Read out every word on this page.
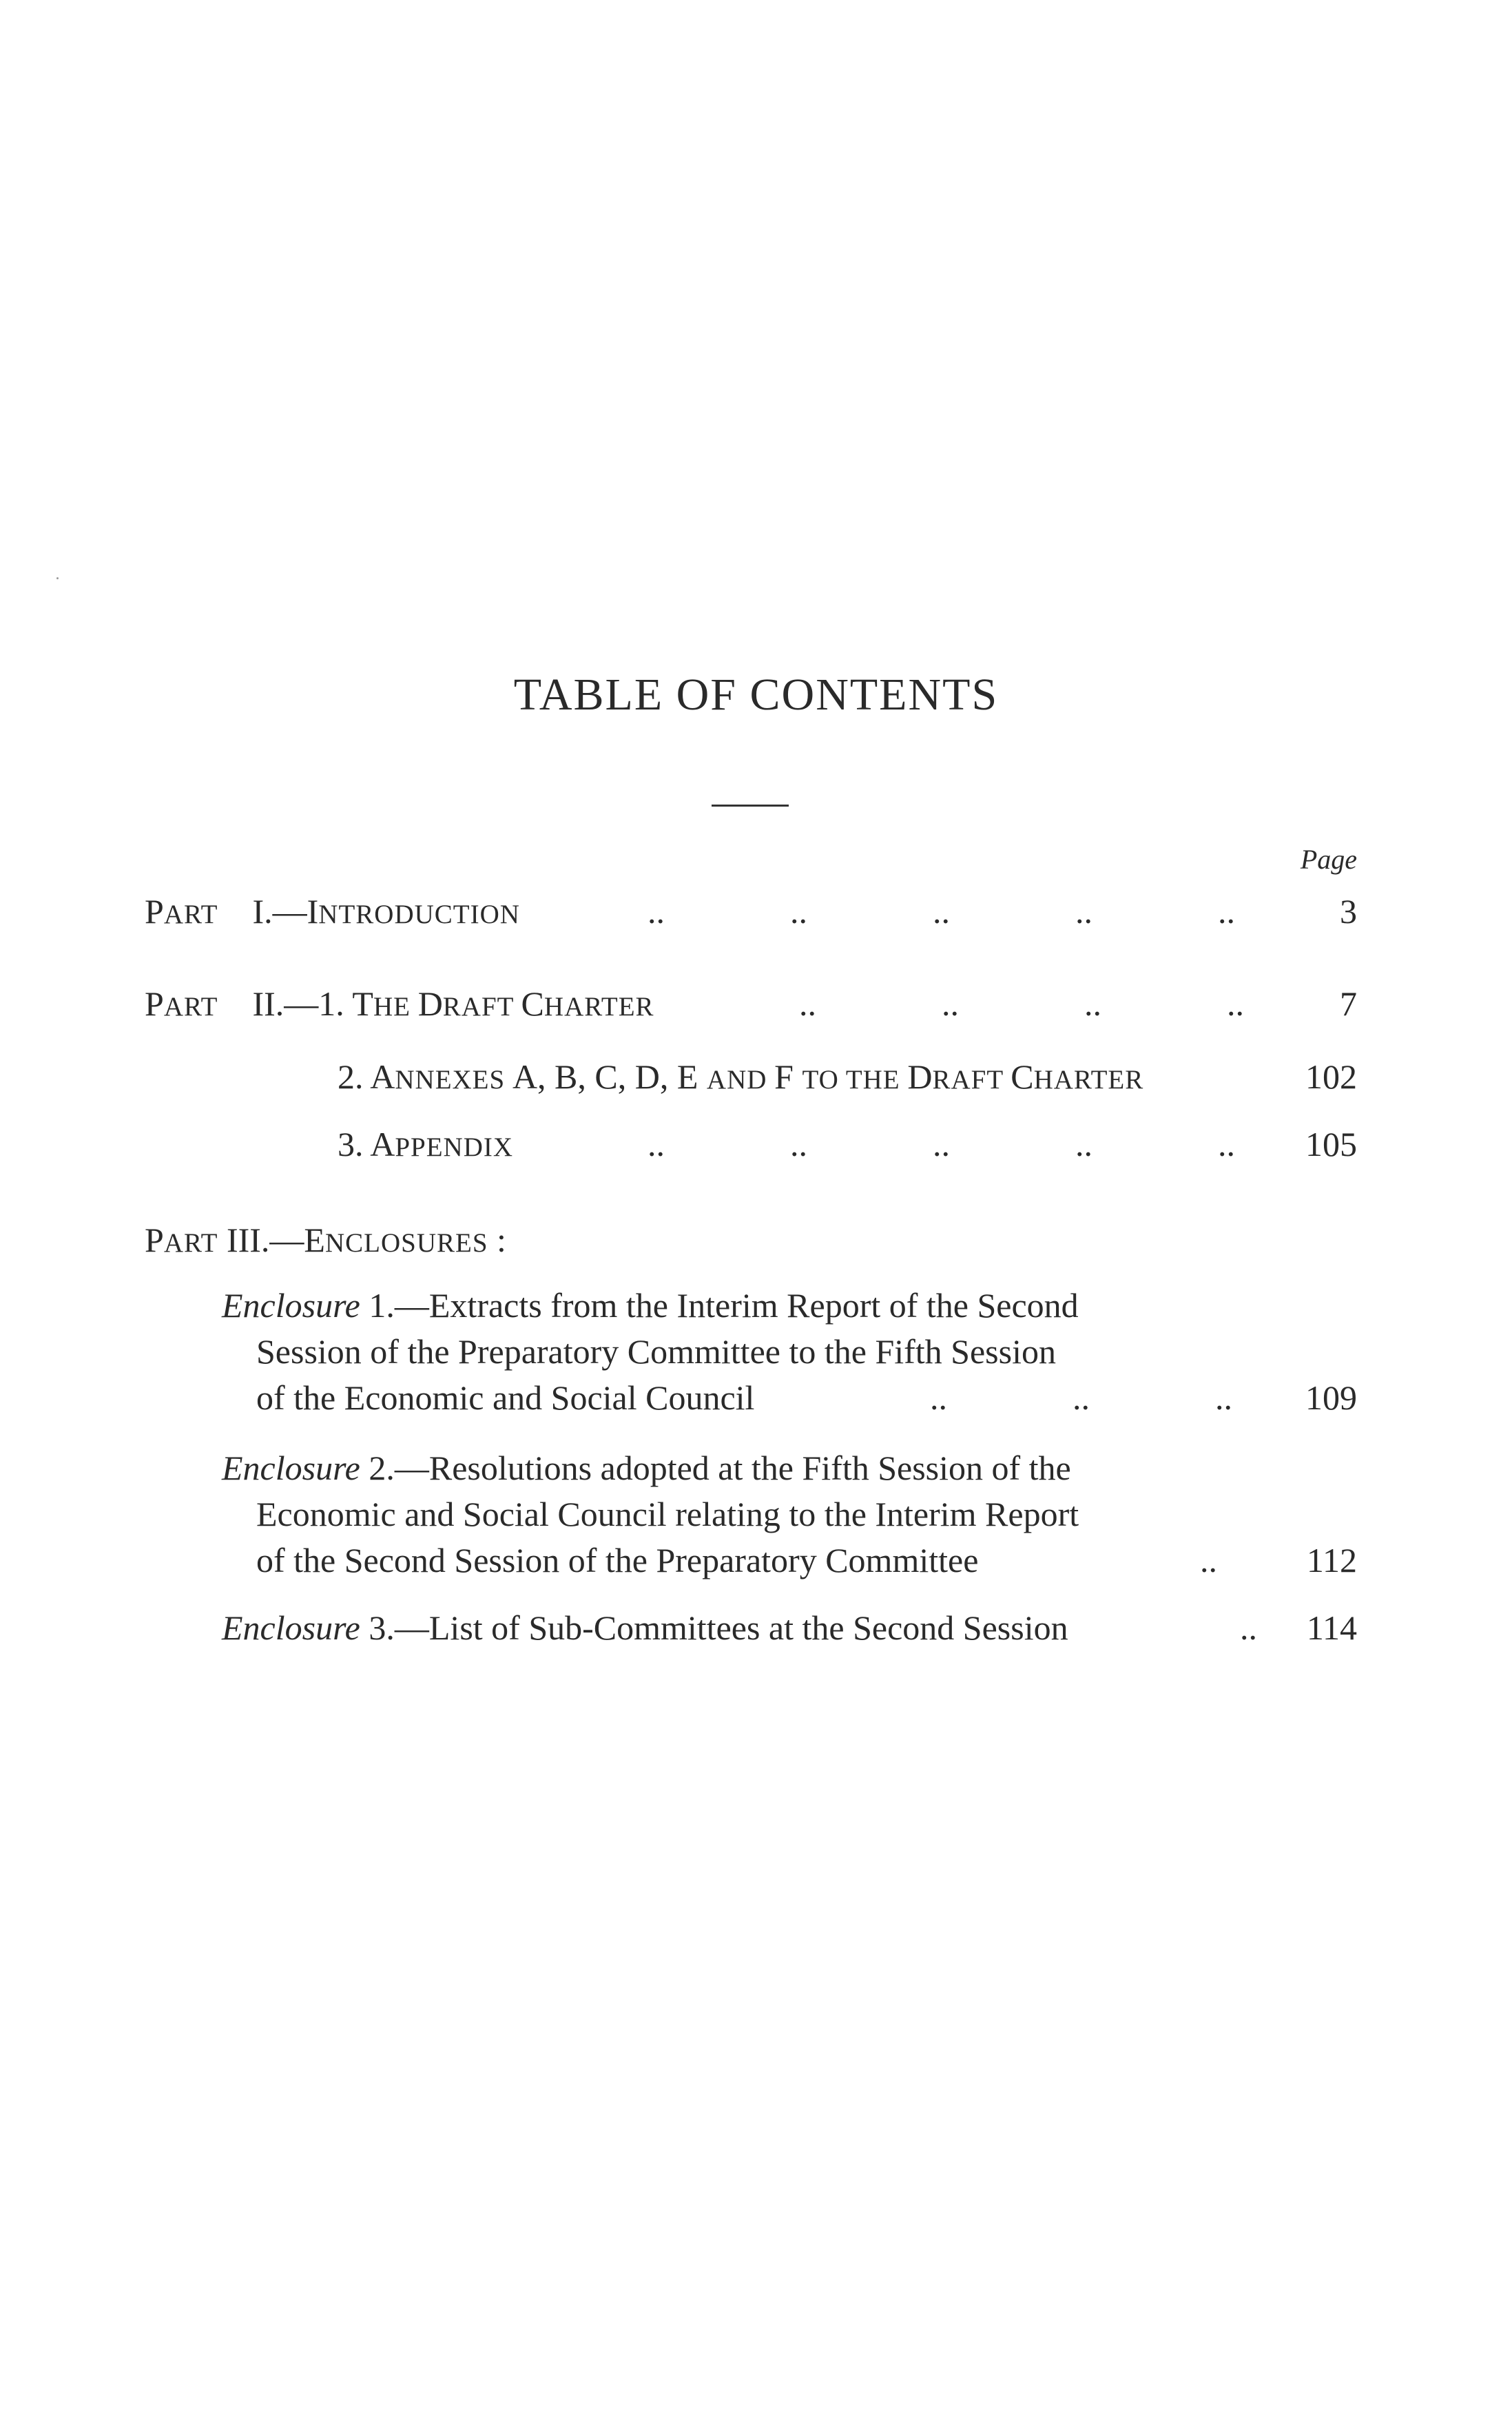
TABLE OF CONTENTS
Page
PART I.—INTRODUCTION	..	..	..	..	..	3
PART II.—1. THE DRAFT CHARTER	..	..	..	..	7
2. ANNEXES A, B, C, D, E AND F TO THE DRAFT CHARTER	102
3. APPENDIX	..	..	..	..	..	105
PART III.—ENCLOSURES :
Enclosure 1.—Extracts from the Interim Report of the Second
Session of the Preparatory Committee to the Fifth Session
of the Economic and Social Council	..	..	..	109
Enclosure 2.—Resolutions adopted at the Fifth Session of the
Economic and Social Council relating to the Interim Report
of the Second Session of the Preparatory Committee	..	112
Enclosure 3.—List of Sub-Committees at the Second Session	..	114
